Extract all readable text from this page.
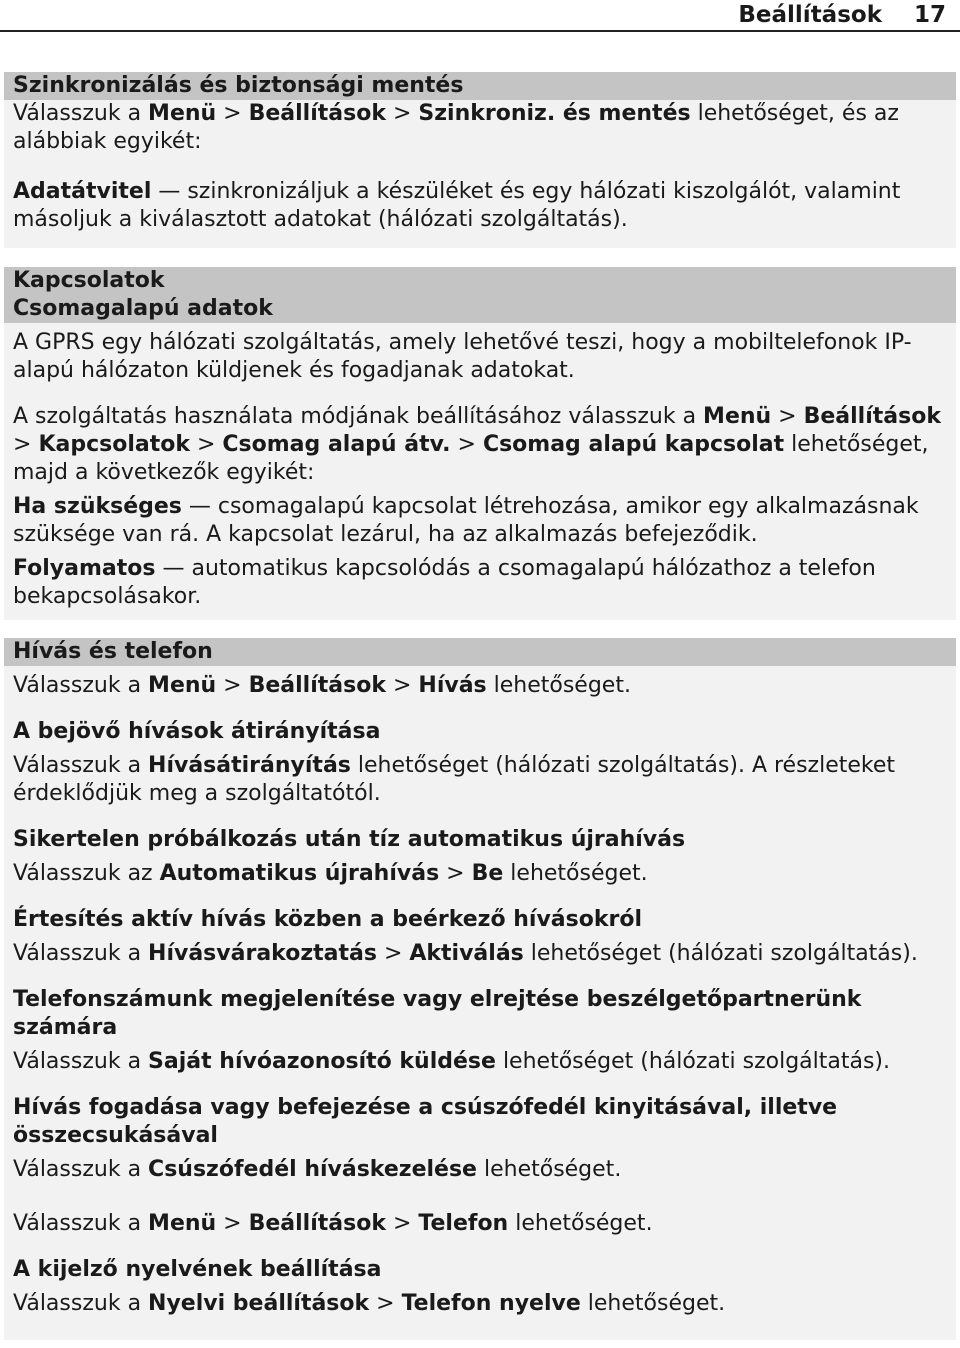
Beállítások 17
Szinkronizálás és biztonsági mentés

Válasszuk a Menü > Beállítások > Szinkroniz. és mentés lehetőséget, és az alábbiak egyikét:

Adatátvitel — szinkronizáljuk a készüléket és egy hálózati kiszolgálót, valamint másoljuk a kiválasztott adatokat (hálózati szolgáltatás).

Kapcsolatok
Csomagalapú adatok

A GPRS egy hálózati szolgáltatás, amely lehetővé teszi, hogy a mobiltelefonok IP-alapú hálózaton küldjenek és fogadjanak adatokat.

A szolgáltatás használata módjának beállításához válasszuk a Menü > Beállítások > Kapcsolatok > Csomag alapú átv. > Csomag alapú kapcsolat lehetőséget, majd a következők egyikét:

Ha szükséges — csomagalapú kapcsolat létrehozása, amikor egy alkalmazásnak szüksége van rá. A kapcsolat lezárul, ha az alkalmazás befejeződik.

Folyamatos — automatikus kapcsolódás a csomagalapú hálózathoz a telefon bekapcsolásakor.

Hívás és telefon

Válasszuk a Menü > Beállítások > Hívás lehetőséget.

A bejövő hívások átirányítása

Válasszuk a Hívásátirányítás lehetőséget (hálózati szolgáltatás). A részleteket érdeklődjük meg a szolgáltatótól.

Sikertelen próbálkozás után tíz automatikus újrahívás

Válasszuk az Automatikus újrahívás > Be lehetőséget.

Értesítés aktív hívás közben a beérkező hívásokról

Válasszuk a Hívásvárakoztatás > Aktiválás lehetőséget (hálózati szolgáltatás).

Telefonszámunk megjelenítése vagy elrejtése beszélgetőpartnerünk számára

Válasszuk a Saját hívóazonosító küldése lehetőséget (hálózati szolgáltatás).

Hívás fogadása vagy befejezése a csúszófedél kinyitásával, illetve összecsukásával

Válasszuk a Csúszófedél híváskezelése lehetőséget.

Válasszuk a Menü > Beállítások > Telefon lehetőséget.

A kijelző nyelvének beállítása

Válasszuk a Nyelvi beállítások > Telefon nyelve lehetőséget.
